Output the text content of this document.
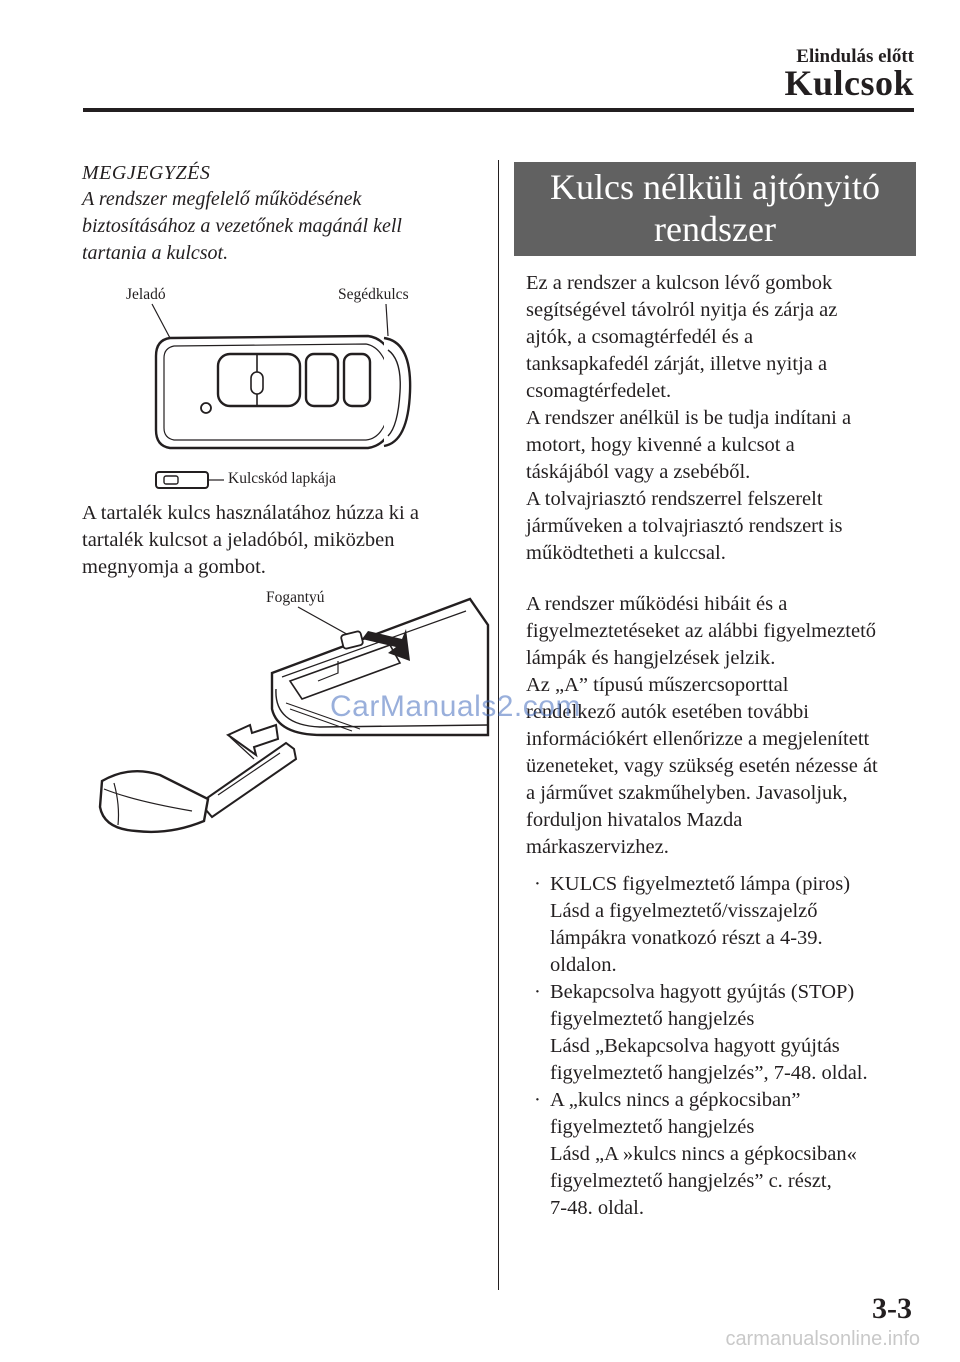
Elindulás előtt
Kulcsok
MEGJEGYZÉS
A rendszer megfelelő működésének
biztosításához a vezetőnek magánál kell
tartania a kulcsot.
Jeladó	Segédkulcs
Kulcskód lapkája
A tartalék kulcs használatához húzza ki a
tartalék kulcsot a jeladóból, miközben
megnyomja a gombot.
Fogantyú
Kulcs nélküli ajtónyitó
rendszer
Ez a rendszer a kulcson lévő gombok
segítségével távolról nyitja és zárja az
ajtók, a csomagtérfedél és a
tanksapkafedél zárját, illetve nyitja a
csomagtérfedelet.
A rendszer anélkül is be tudja indítani a
motort, hogy kivenné a kulcsot a
táskájából vagy a zsebéből.
A tolvajriasztó rendszerrel felszerelt
járműveken a tolvajriasztó rendszert is
működtetheti a kulccsal.
A rendszer működési hibáit és a
figyelmeztetéseket az alábbi figyelmeztető
lámpák és hangjelzések jelzik.
Az „A” típusú műszercsoporttal
rendelkező autók esetében további
információkért ellenőrizze a megjelenített
üzeneteket, vagy szükség esetén nézesse át
a járművet szakműhelyben. Javasoljuk,
forduljon hivatalos Mazda
márkaszervizhez.
· KULCS figyelmeztető lámpa (piros)
Lásd a figyelmeztető/visszajelző
lámpákra vonatkozó részt a 4-39.
oldalon.
· Bekapcsolva hagyott gyújtás (STOP)
figyelmeztető hangjelzés
Lásd „Bekapcsolva hagyott gyújtás
figyelmeztető hangjelzés”, 7-48. oldal.
· A „kulcs nincs a gépkocsiban”
figyelmeztető hangjelzés
Lásd „A »kulcs nincs a gépkocsiban«
figyelmeztető hangjelzés” c. részt,
7-48. oldal.
CarManuals2.com
3-3
carmanualsonline.info
